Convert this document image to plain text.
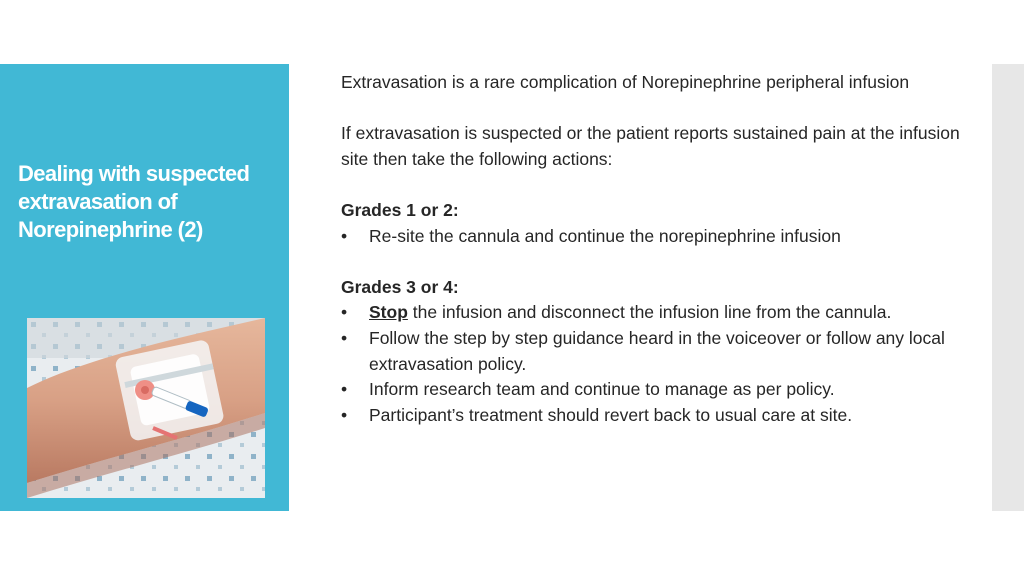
Dealing with suspected extravasation of Norepinephrine (2)

Extravasation is a rare complication of Norepinephrine peripheral infusion

If extravasation is suspected or the patient reports sustained pain at the infusion site then take the following actions:

Grades 1 or 2:

•	Re-site the cannula and continue the norepinephrine infusion

Grades 3 or 4:

•	Stop the infusion and disconnect the infusion line from the cannula.
•	Follow the step by step guidance heard in the voiceover or follow any local extravasation policy.
•	Inform research team and continue to manage as per policy.
•	Participant’s treatment should revert back to usual care at site.
